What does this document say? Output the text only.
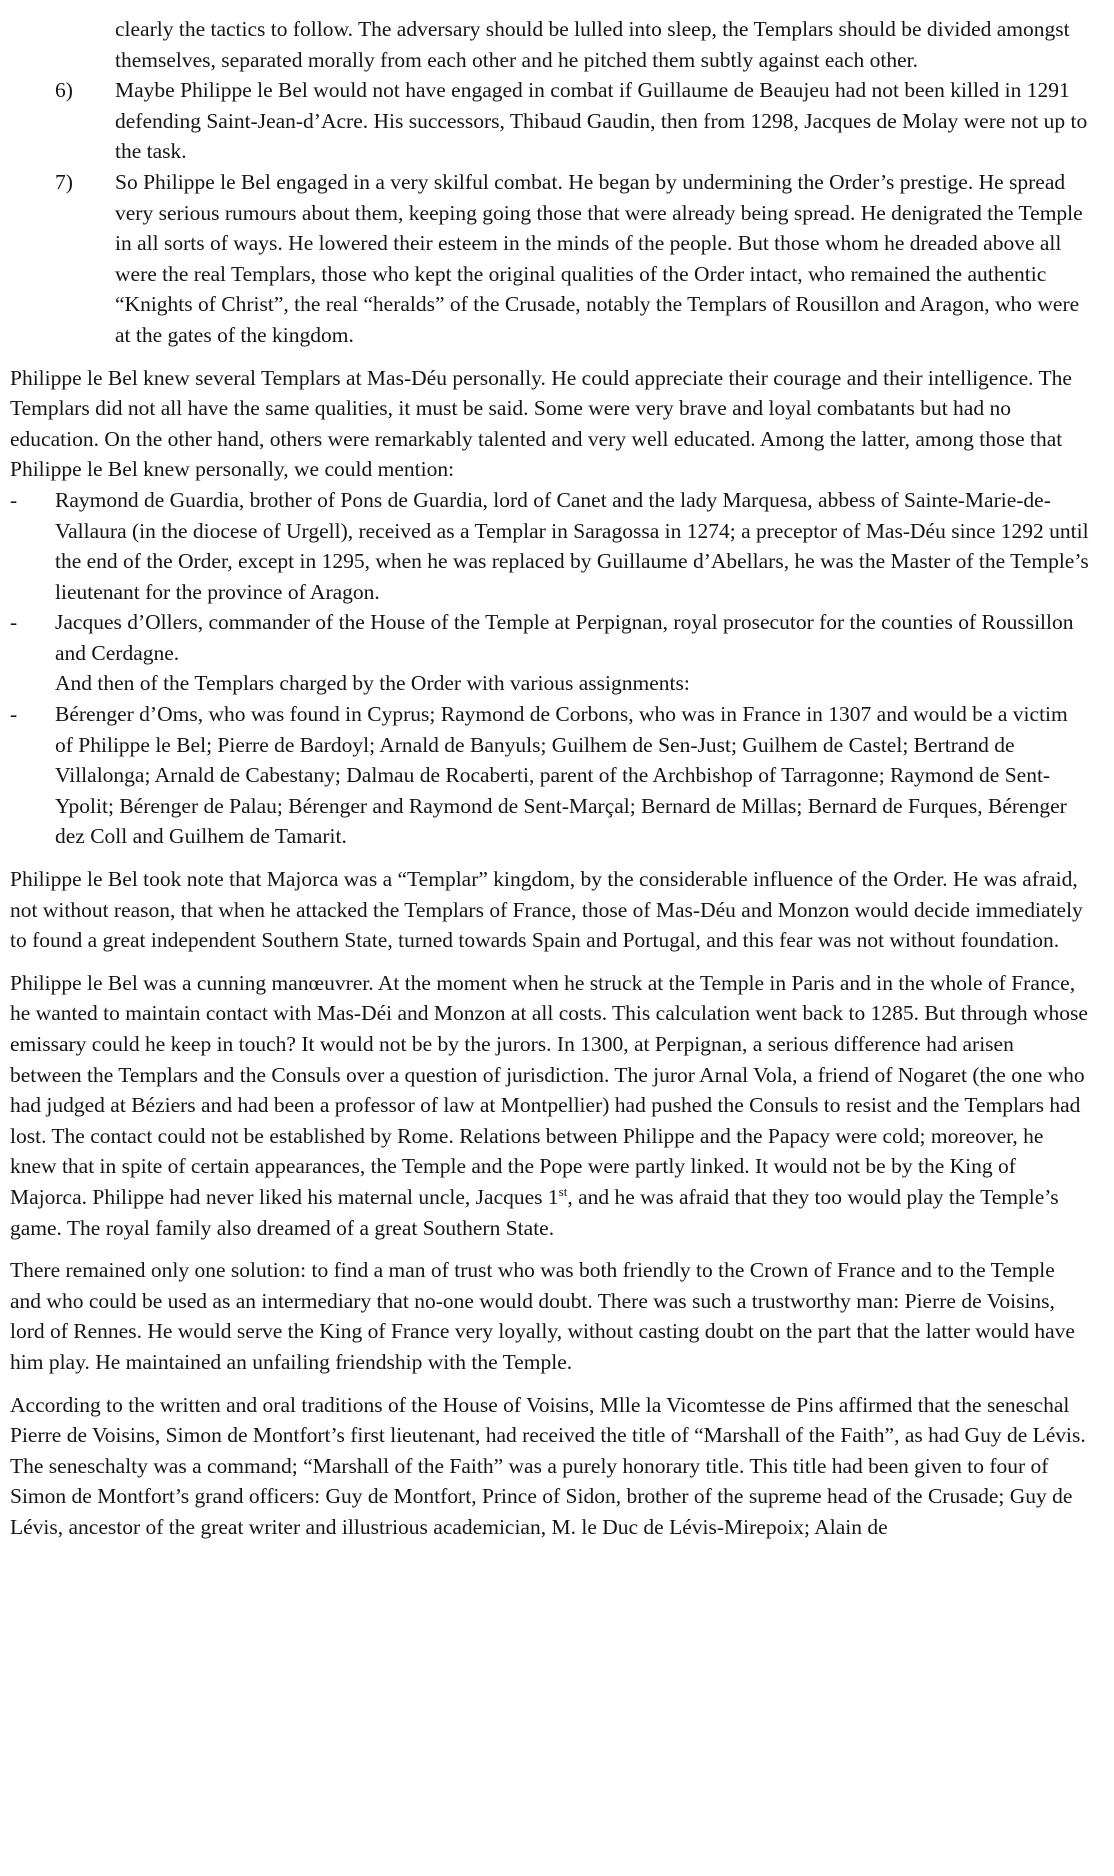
clearly the tactics to follow. The adversary should be lulled into sleep, the Templars should be divided amongst themselves, separated morally from each other and he pitched them subtly against each other.

6) Maybe Philippe le Bel would not have engaged in combat if Guillaume de Beaujeu had not been killed in 1291 defending Saint-Jean-d’Acre. His successors, Thibaud Gaudin, then from 1298, Jacques de Molay were not up to the task.

7) So Philippe le Bel engaged in a very skilful combat. He began by undermining the Order’s prestige. He spread very serious rumours about them, keeping going those that were already being spread. He denigrated the Temple in all sorts of ways. He lowered their esteem in the minds of the people. But those whom he dreaded above all were the real Templars, those who kept the original qualities of the Order intact, who remained the authentic “Knights of Christ”, the real “heralds” of the Crusade, notably the Templars of Rousillon and Aragon, who were at the gates of the kingdom.

Philippe le Bel knew several Templars at Mas-Déu personally. He could appreciate their courage and their intelligence. The Templars did not all have the same qualities, it must be said. Some were very brave and loyal combatants but had no education. On the other hand, others were remarkably talented and very well educated. Among the latter, among those that Philippe le Bel knew personally, we could mention:

- Raymond de Guardia, brother of Pons de Guardia, lord of Canet and the lady Marquesa, abbess of Sainte-Marie-de-Vallaura (in the diocese of Urgell), received as a Templar in Saragossa in 1274; a preceptor of Mas-Déu since 1292 until the end of the Order, except in 1295, when he was replaced by Guillaume d’Abellars, he was the Master of the Temple’s lieutenant for the province of Aragon.

- Jacques d’Ollers, commander of the House of the Temple at Perpignan, royal prosecutor for the counties of Roussillon and Cerdagne.

And then of the Templars charged by the Order with various assignments:

- Bérenger d’Oms, who was found in Cyprus; Raymond de Corbons, who was in France in 1307 and would be a victim of Philippe le Bel; Pierre de Bardoyl; Arnald de Banyuls; Guilhem de Sen-Just; Guilhem de Castel; Bertrand de Villalonga; Arnald de Cabestany; Dalmau de Rocaberti, parent of the Archbishop of Tarragonne; Raymond de Sent-Ypolit; Bérenger de Palau; Bérenger and Raymond de Sent-Marçal; Bernard de Millas; Bernard de Furques, Bérenger dez Coll and Guilhem de Tamarit.

Philippe le Bel took note that Majorca was a “Templar” kingdom, by the considerable influence of the Order. He was afraid, not without reason, that when he attacked the Templars of France, those of Mas-Déu and Monzon would decide immediately to found a great independent Southern State, turned towards Spain and Portugal, and this fear was not without foundation.

Philippe le Bel was a cunning manœuvrer. At the moment when he struck at the Temple in Paris and in the whole of France, he wanted to maintain contact with Mas-Déi and Monzon at all costs. This calculation went back to 1285. But through whose emissary could he keep in touch? It would not be by the jurors. In 1300, at Perpignan, a serious difference had arisen between the Templars and the Consuls over a question of jurisdiction. The juror Arnal Vola, a friend of Nogaret (the one who had judged at Béziers and had been a professor of law at Montpellier) had pushed the Consuls to resist and the Templars had lost. The contact could not be established by Rome. Relations between Philippe and the Papacy were cold; moreover, he knew that in spite of certain appearances, the Temple and the Pope were partly linked. It would not be by the King of Majorca. Philippe had never liked his maternal uncle, Jacques 1st, and he was afraid that they too would play the Temple’s game. The royal family also dreamed of a great Southern State.

There remained only one solution: to find a man of trust who was both friendly to the Crown of France and to the Temple and who could be used as an intermediary that no-one would doubt. There was such a trustworthy man: Pierre de Voisins, lord of Rennes. He would serve the King of France very loyally, without casting doubt on the part that the latter would have him play. He maintained an unfailing friendship with the Temple.

According to the written and oral traditions of the House of Voisins, Mlle la Vicomtesse de Pins affirmed that the seneschal Pierre de Voisins, Simon de Montfort’s first lieutenant, had received the title of “Marshall of the Faith”, as had Guy de Lévis. The seneschalty was a command; “Marshall of the Faith” was a purely honorary title. This title had been given to four of Simon de Montfort’s grand officers: Guy de Montfort, Prince of Sidon, brother of the supreme head of the Crusade; Guy de Lévis, ancestor of the great writer and illustrious academician, M. le Duc de Lévis-Mirepoix; Alain de
